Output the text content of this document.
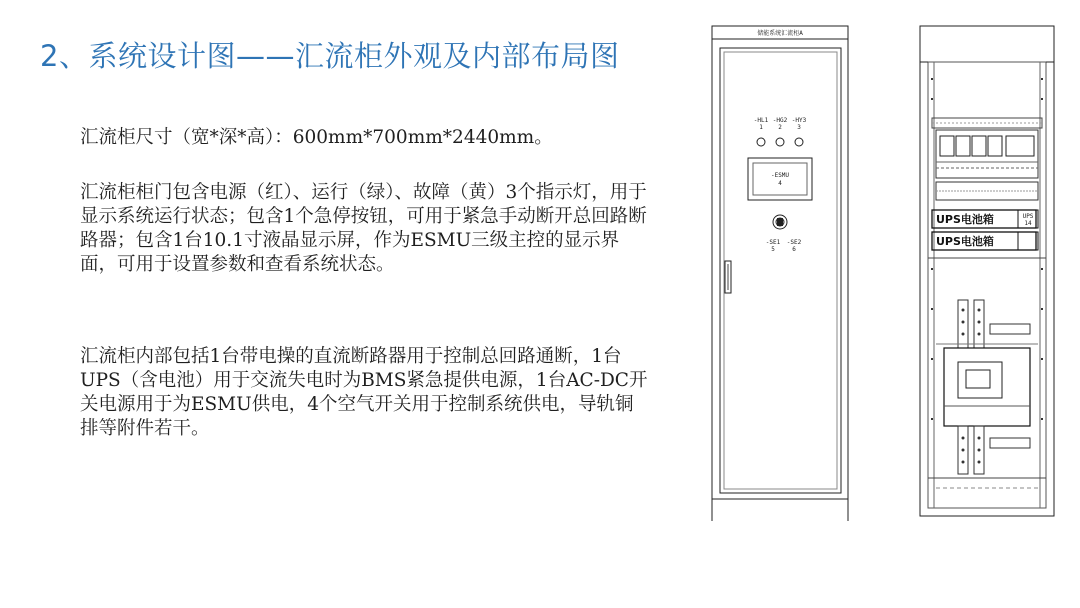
2、系统设计图——汇流柜外观及内部布局图
汇流柜尺寸（宽*深*高）：600mm*700mm*2440mm。
汇流柜柜门包含电源（红）、运行（绿）、故障（黄）3个指示灯，用于显示系统运行状态；包含1个急停按钮，可用于紧急手动断开总回路断路器；包含1台10.1寸液晶显示屏，作为ESMU三级主控的显示界面，可用于设置参数和查看系统状态。
汇流柜内部包括1台带电操的直流断路器用于控制总回路通断，1台UPS（含电池）用于交流失电时为BMS紧急提供电源，1台AC-DC开关电源用于为ESMU供电，4个空气开关用于控制系统供电，导轨铜排等附件若干。
储能系统汇流柜A
-HL1
1
-HG2
2
-HY3
3
-ESMU
4
-SE1
5
-SE2
6
UPS电池箱
UPS电池箱
UPS
14
